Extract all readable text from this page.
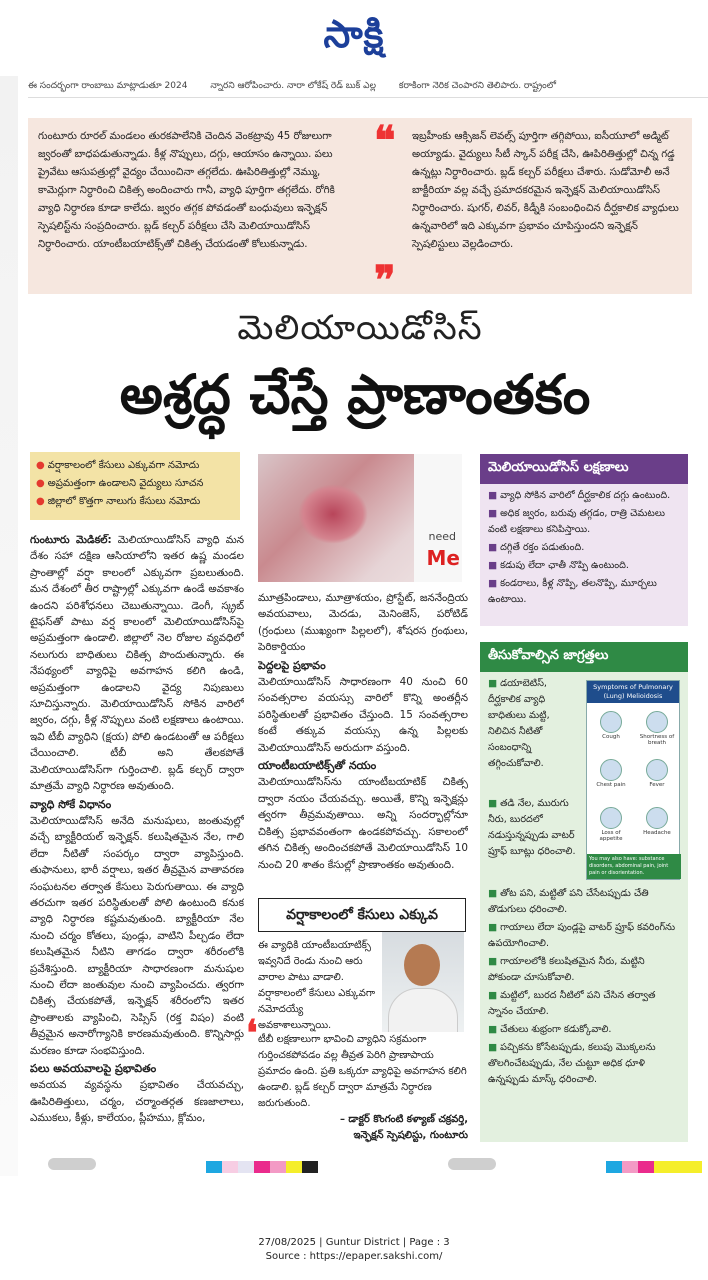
సాక్షి
ఈ సందర్భంగా రాంబాబు మాట్లాడుతూ 2024	న్నారని ఆరోపించారు. నారా లోకేష్ రెడ్ బుక్ ఎల్ల	కరాకింగా నెరిక చెంపారని తెలిపారు. రాష్ట్రంలో
గుంటూరు రూరల్ మండలం తురకపాలేనికి చెందిన వెంకట్రావు 45 రోజులుగా జ్వరంతో బాధపడుతున్నాడు. కీళ్ల నొప్పులు, దగ్గు, ఆయాసం ఉన్నాయి. పలు ప్రైవేటు ఆసుపత్రుల్లో వైద్యం చేయించినా తగ్గలేదు. ఊపిరితిత్తుల్లో నెమ్ము, కామెర్లుగా నిర్ధారించి చికిత్స అందించారు గానీ, వ్యాధి పూర్తిగా తగ్గలేదు. రోగికి వ్యాధి నిర్ధారణ కూడా కాలేదు. జ్వరం తగ్గక పోవడంతో బంధువులు ఇన్ఫెక్షన్ స్పెషలిస్ట్‌ను సంప్రదించారు. బ్లడ్ కల్చర్ పరీక్షలు చేసి మెలియాయిడోసిస్ నిర్ధారించారు. యాంటీబయాటిక్స్‌తో చికిత్స చేయడంతో కోలుకున్నాడు.
❝
❞
ఇబ్రహీంకు ఆక్సిజన్ లెవల్స్ పూర్తిగా తగ్గిపోయి, ఐసీయూలో అడ్మిట్ అయ్యాడు. వైద్యులు సీటీ స్కాన్ పరీక్ష చేసి, ఊపిరితిత్తుల్లో చిన్న గడ్డ ఉన్నట్లు నిర్ధారించారు. బ్లడ్ కల్చర్ పరీక్షలు చేశారు. సుడోమోలీ అనే బాక్టీరియా వల్ల వచ్చే ప్రమాదకరమైన ఇన్ఫెక్షన్ మెలియాయిడోసిస్ నిర్ధారించారు. షుగర్, లివర్, కిడ్నీకి సంబంధించిన దీర్ఘకాలిక వ్యాధులు ఉన్నవారిలో ఇది ఎక్కువగా ప్రభావం చూపిస్తుందని ఇన్ఫెక్షన్ స్పెషలిస్టులు వెల్లడించారు.
మెలియాయిడోసిస్
అశ్రద్ధ చేస్తే ప్రాణాంతకం
● వర్షాకాలంలో కేసులు ఎక్కువగా నమోదు
● అప్రమత్తంగా ఉండాలని వైద్యులు సూచన
● జిల్లాలో కొత్తగా నాలుగు కేసులు నమోదు
need
Me
మెలియాయిడోసిస్ లక్షణాలు
■ వ్యాధి సోకిన వారిలో దీర్ఘకాలిక దగ్గు ఉంటుంది.
■ అధిక జ్వరం, బరువు తగ్గడం, రాత్రి చెమటలు వంటి లక్షణాలు కనిపిస్తాయి.
■ దగ్గితే రక్తం పడుతుంది.
■ కడుపు లేదా ఛాతీ నొప్పి ఉంటుంది.
■ కండరాలు, కీళ్ల నొప్పి, తలనొప్పి, మూర్చలు ఉంటాయి.

గుంటూరు మెడికల్: మెలియాయిడోసిస్ వ్యాధి మన దేశం సహా దక్షిణ ఆసియాలోని ఇతర ఉష్ణ మండల ప్రాంతాల్లో వర్షా కాలంలో ఎక్కువగా ప్రబలుతుంది. మన దేశంలో తీర రాష్ట్రాల్లో ఎక్కువగా ఉండే అవకాశం ఉందని పరిశోధనలు చెబుతున్నాయి. డెంగీ, స్క్రబ్ టైఫస్‌తో పాటు వర్ష కాలంలో మెలియాయిడోసిస్‌పై అప్రమత్తంగా ఉండాలి. జిల్లాలో నెల రోజుల వ్యవధిలో నలుగురు బాధితులు చికిత్స పొందుతున్నారు. ఈ నేపథ్యంలో వ్యాధిపై అవగాహన కలిగి ఉండి, అప్రమత్తంగా ఉండాలని వైద్య నిపుణులు సూచిస్తున్నారు. మెలియాయిడోసిస్ సోకిన వారిలో జ్వరం, దగ్గు, కీళ్ల నొప్పులు వంటి లక్షణాలు ఉంటాయి. ఇవి టీబీ వ్యాధిని (క్షయ) పోలి ఉండటంతో ఆ పరీక్షలు చేయించాలి. టీబీ అని తేలకపోతే మెలియాయిడోసిస్‌గా గుర్తించాలి. బ్లడ్ కల్చర్ ద్వారా మాత్రమే వ్యాధి నిర్ధారణ అవుతుంది.

వ్యాధి సోకే విధానం

మెలియాయిడోసిస్ అనేది మనుషులు, జంతువుల్లో వచ్చే బ్యాక్టీరియల్ ఇన్ఫెక్షన్. కలుషితమైన నేల, గాలి లేదా నీటితో సంపర్కం ద్వారా వ్యాపిస్తుంది. తుఫానులు, భారీ వర్షాలు, ఇతర తీవ్రమైన వాతావరణ సంఘటనల తర్వాత కేసులు పెరుగుతాయి. ఈ వ్యాధి తరచుగా ఇతర పరిస్థితులతో పోలి ఉంటుంది కనుక వ్యాధి నిర్ధారణ కష్టమవుతుంది. బ్యాక్టీరియా నేల నుంచి చర్మం కోతలు, పుండ్లు, వాటిని పీల్చడం లేదా కలుషితమైన నీటిని తాగడం ద్వారా శరీరంలోకి ప్రవేశిస్తుంది. బ్యాక్టీరియా సాధారణంగా మనుషుల నుంచి లేదా జంతువుల నుంచి వ్యాపించదు. త్వరగా చికిత్స చేయకపోతే, ఇన్ఫెక్షన్ శరీరంలోని ఇతర ప్రాంతాలకు వ్యాపించి, సెప్సిస్ (రక్త విషం) వంటి తీవ్రమైన అనారోగ్యానికి కారణమవుతుంది. కొన్నిసార్లు మరణం కూడా సంభవిస్తుంది.

పలు అవయవాలపై ప్రభావితం

అవయవ వ్యవస్థను ప్రభావితం చేయవచ్చు, ఊపిరితిత్తులు, చర్మం, చర్మాంతర్గత కణజాలాలు, ఎముకలు, కీళ్లు, కాలేయం, ప్లీహము, క్లోమం,

మూత్రపిండాలు, మూత్రాశయం, ప్రోస్టేట్, జననేంద్రియ అవయవాలు, మెదడు, మెనింజెస్, పరోటిడ్ (గ్రంధులు (ముఖ్యంగా పిల్లలలో), శోషరస గ్రంథులు, పెరికార్డియం

పెద్దలపై ప్రభావం

మెలియాయిడోసిస్ సాధారణంగా 40 నుంచి 60 సంవత్సరాల వయస్సు వారిలో కొన్ని అంతర్లీన పరిస్థితులతో ప్రభావితం చేస్తుంది. 15 సంవత్సరాల కంటే తక్కువ వయస్సు ఉన్న పిల్లలకు మెలియాయిడోసిస్ అరుదుగా వస్తుంది.

యాంటీబయాటిక్స్‌తో నయం

మెలియాయిడోసిస్‌ను యాంటీబయాటిక్ చికిత్స ద్వారా నయం చేయవచ్చు. అయితే, కొన్ని ఇన్ఫెక్షన్లు త్వరగా తీవ్రమవుతాయి. అన్ని సందర్భాల్లోనూ చికిత్స ప్రభావవంతంగా ఉండకపోవచ్చు. సకాలంలో తగిన చికిత్స అందించకపోతే మెలియాయిడోసిస్ 10 నుంచి 20 శాతం కేసుల్లో ప్రాణాంతకం అవుతుంది.

వర్షాకాలంలో కేసులు ఎక్కువ
ఈ వ్యాధికి యాంటీబయాటిక్స్ ఇవ్వనిదే రెండు నుంచి ఆరు వారాల పాటు వాడాలి. వర్షాకాలంలో కేసులు ఎక్కువగా నమోదయ్యే అవకాశాలున్నాయి.
❛ టీబీ లక్షణాలుగా భావించి వ్యాధిని సక్రమంగా గుర్తించకపోవడం వల్ల తీవ్రత పెరిగి ప్రాణాపాయ ప్రమాదం ఉంది. ప్రతి ఒక్కరూ వ్యాధిపై అవగాహన కలిగి ఉండాలి. బ్లడ్ కల్చర్ ద్వారా మాత్రమే నిర్ధారణ జరుగుతుంది.
– డాక్టర్ కొంగంటి కళ్యాణ్ చక్రవర్తి,
ఇన్ఫెక్షన్ స్పెషలిస్టు, గుంటూరు
తీసుకోవాల్సిన జాగ్రత్తలు
■ డయాబెటిస్, దీర్ఘకాలిక వ్యాధి బాధితులు మట్టి, నిలిచిన నీటితో సంబంధాన్ని తగ్గించుకోవాలి.
■ తడి నేల, మురుగు నీరు, బురదలో నడుస్తున్నప్పుడు వాటర్ ప్రూఫ్ బూట్లు ధరించాలి.
■ తోట పని, మట్టితో పని చేసేటప్పుడు చేతి తొడుగులు ధరించాలి.
■ గాయాలు లేదా పుండ్లపై వాటర్ ప్రూఫ్ కవరింగ్‌ను ఉపయోగించాలి.
■ గాయాలలోకి కలుషితమైన నీరు, మట్టిని పోకుండా చూసుకోవాలి.
■ మట్టిలో, బురద నీటిలో పని చేసిన తర్వాత స్నానం చేయాలి.
■ చేతులు శుభ్రంగా కడుక్కోవాలి.
■ పచ్చికను కోసేటప్పుడు, కలుపు మొక్కలను తొలగించేటప్పుడు, నేల చుట్టూ అధిక ధూళి ఉన్నప్పుడు మాస్క్ ధరించాలి.
Symptoms of Pulmonary (Lung) Melioidosis
Cough	Shortness of breath
Chest pain	Fever
Loss of appetite
Headache
You may also have: substance disorders, abdominal pain, joint pain or disorientation.
27/08/2025 | Guntur District | Page : 3
Source : https://epaper.sakshi.com/
